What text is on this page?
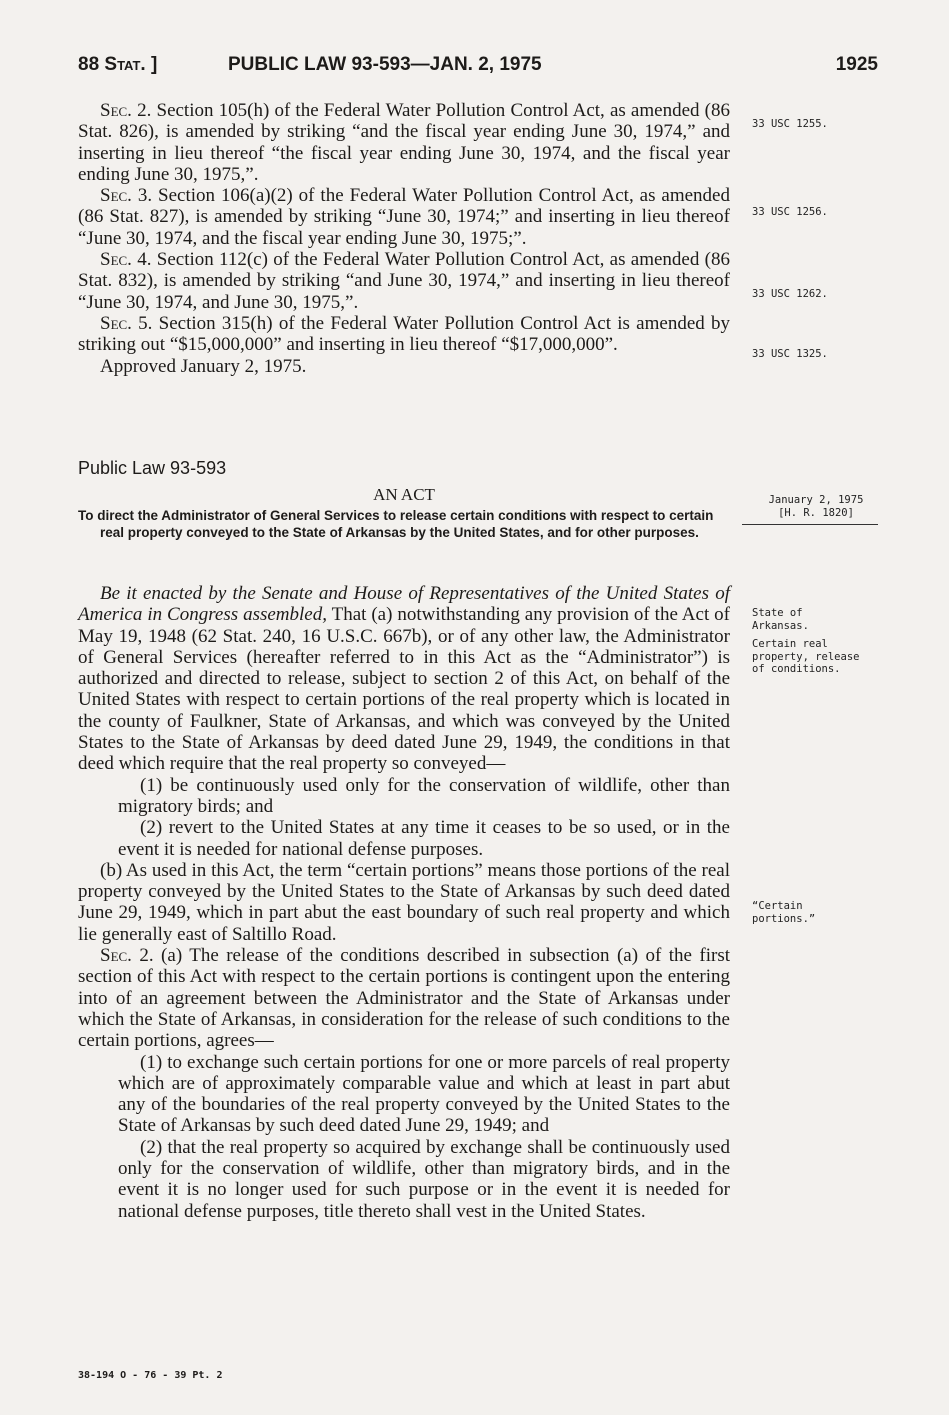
88 Stat. ]	PUBLIC LAW 93-593—JAN. 2, 1975	1925

Sec. 2. Section 105(h) of the Federal Water Pollution Control Act, as amended (86 Stat. 826), is amended by striking “and the fiscal year ending June 30, 1974,” and inserting in lieu thereof “the fiscal year ending June 30, 1974, and the fiscal year ending June 30, 1975,”.

Sec. 3. Section 106(a)(2) of the Federal Water Pollution Control Act, as amended (86 Stat. 827), is amended by striking “June 30, 1974;” and inserting in lieu thereof “June 30, 1974, and the fiscal year ending June 30, 1975;”.

Sec. 4. Section 112(c) of the Federal Water Pollution Control Act, as amended (86 Stat. 832), is amended by striking “and June 30, 1974,” and inserting in lieu thereof “June 30, 1974, and June 30, 1975,”.

Sec. 5. Section 315(h) of the Federal Water Pollution Control Act is amended by striking out “$15,000,000” and inserting in lieu thereof “$17,000,000”.

Approved January 2, 1975.

33 USC 1255.
33 USC 1256.
33 USC 1262.
33 USC 1325.
Public Law 93-593
AN ACT	January 2, 1975
[H. R. 1820]
To direct the Administrator of General Services to release certain conditions with respect to certain real property conveyed to the State of Arkansas by the United States, and for other purposes.

Be it enacted by the Senate and House of Representatives of the United States of America in Congress assembled, That (a) notwithstanding any provision of the Act of May 19, 1948 (62 Stat. 240, 16 U.S.C. 667b), or of any other law, the Administrator of General Services (hereafter referred to in this Act as the “Administrator”) is authorized and directed to release, subject to section 2 of this Act, on behalf of the United States with respect to certain portions of the real property which is located in the county of Faulkner, State of Arkansas, and which was conveyed by the United States to the State of Arkansas by deed dated June 29, 1949, the conditions in that deed which require that the real property so conveyed—

(1) be continuously used only for the conservation of wildlife, other than migratory birds; and

(2) revert to the United States at any time it ceases to be so used, or in the event it is needed for national defense purposes.

(b) As used in this Act, the term “certain portions” means those portions of the real property conveyed by the United States to the State of Arkansas by such deed dated June 29, 1949, which in part abut the east boundary of such real property and which lie generally east of Saltillo Road.

Sec. 2. (a) The release of the conditions described in subsection (a) of the first section of this Act with respect to the certain portions is contingent upon the entering into of an agreement between the Administrator and the State of Arkansas under which the State of Arkansas, in consideration for the release of such conditions to the certain portions, agrees—

(1) to exchange such certain portions for one or more parcels of real property which are of approximately comparable value and which at least in part abut any of the boundaries of the real property conveyed by the United States to the State of Arkansas by such deed dated June 29, 1949; and

(2) that the real property so acquired by exchange shall be continuously used only for the conservation of wildlife, other than migratory birds, and in the event it is no longer used for such purpose or in the event it is needed for national defense purposes, title thereto shall vest in the United States.

State of Arkansas.
Certain real property, release of conditions.
“Certain portions.”
38-194 O - 76 - 39 Pt. 2
